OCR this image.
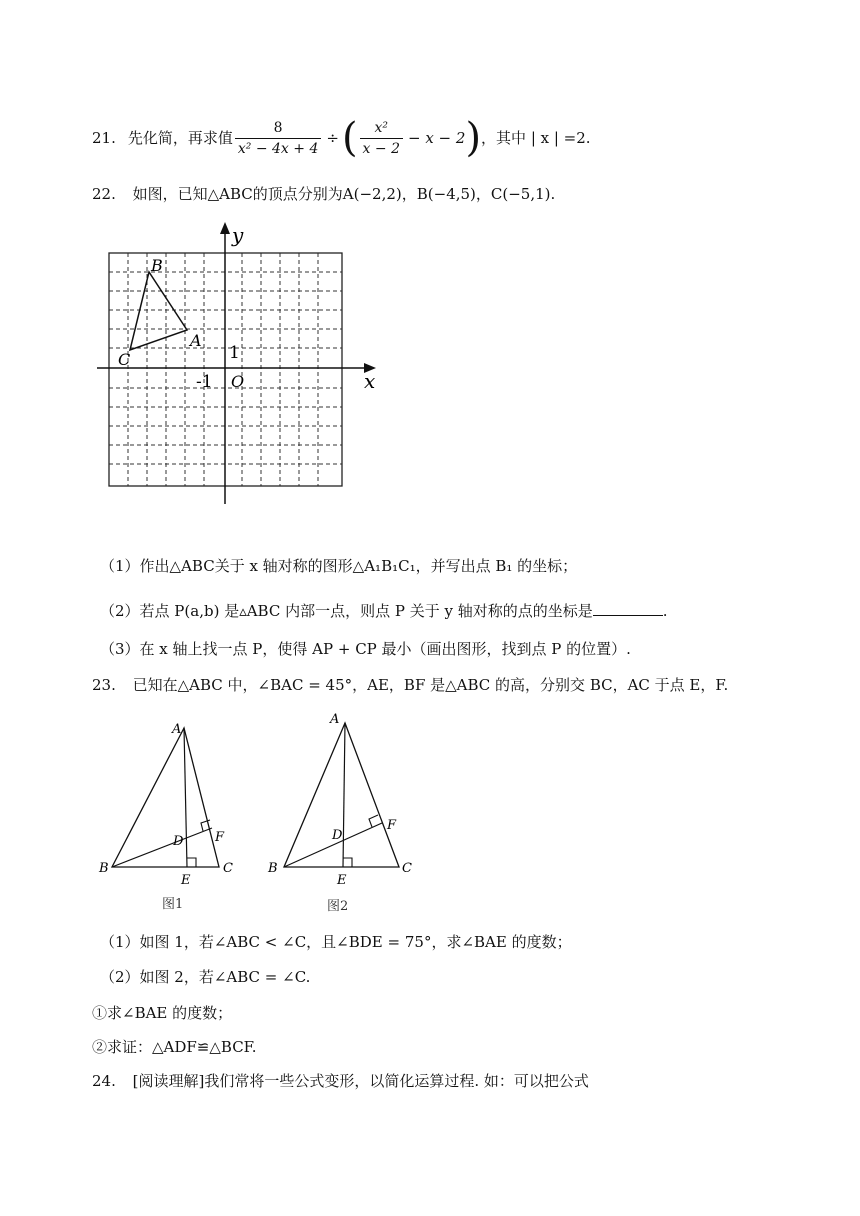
21. 先化简，再求值 $\frac{8}{\text{x² − 4x + 4}}$ ÷ ( $\frac{\text{x²}}{x - 2} - x - 2$ ) ，其中 | x | =2.
22. 如图，已知△ABC的顶点分别为A(−2,2)，B(−4,5)，C(−5,1).
y
x
O
-1
1
A
B
C
（1）作出△ABC关于 x 轴对称的图形△A₁B₁C₁，并写出点 B₁ 的坐标；
（2）若点 P(a,b) 是▵ABC 内部一点，则点 P 关于 y 轴对称的点的坐标是	.
（3）在 x 轴上找一点 P，使得 AP + CP 最小（画出图形，找到点 P 的位置）.
23. 已知在△ABC 中，∠BAC = 45°，AE，BF 是△ABC 的高，分别交 BC，AC 于点 E，F.
A
B	C
D
E
F
图1
A
B	C
D
E
F
图2
（1）如图 1，若∠ABC < ∠C，且∠BDE = 75°，求∠BAE 的度数；
（2）如图 2，若∠ABC = ∠C.
①求∠BAE 的度数；
②求证：△ADF≌△BCF.
24. [阅读理解]我们常将一些公式变形，以简化运算过程. 如：可以把公式
